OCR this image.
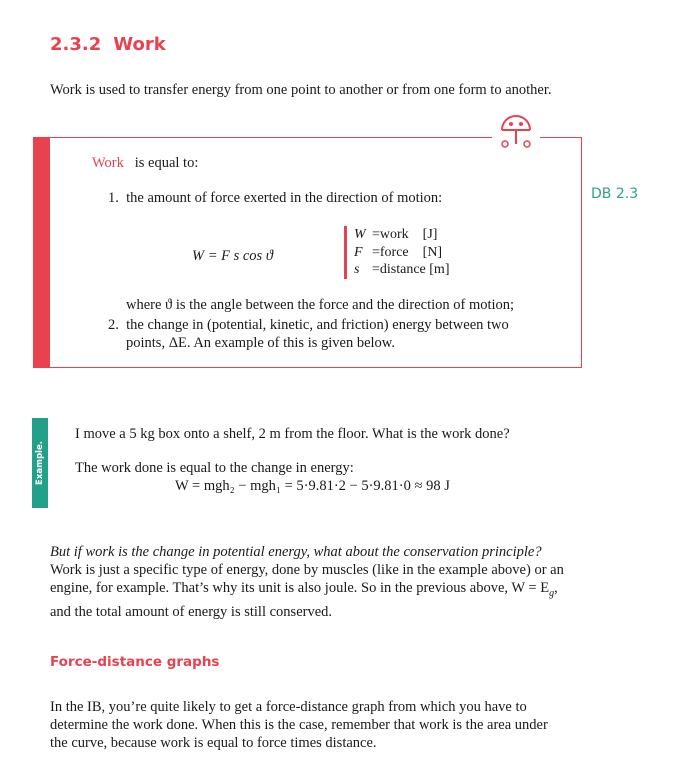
2.3.2 Work
Work is used to transfer energy from one point to another or from one form to another.
DB 2.3
Work is equal to:
1. the amount of force exerted in the direction of motion:
W = F s cos ϑ
W =work [J]
F =force [N]
s =distance [m]
where ϑ is the angle between the force and the direction of motion;
2. the change in (potential, kinetic, and friction) energy between two
points, ΔE. An example of this is given below.
Example.
I move a 5 kg box onto a shelf, 2 m from the floor. What is the work done?
The work done is equal to the change in energy:
W = mgh₂ − mgh₁ = 5·9.81·2 − 5·9.81·0 ≈ 98 J
But if work is the change in potential energy, what about the conservation principle?
Work is just a specific type of energy, done by muscles (like in the example above) or an
engine, for example. That’s why its unit is also joule. So in the previous above, $W = E_g$,
and the total amount of energy is still conserved.
Force-distance graphs
In the IB, you’re quite likely to get a force-distance graph from which you have to
determine the work done. When this is the case, remember that work is the area under
the curve, because work is equal to force times distance.
